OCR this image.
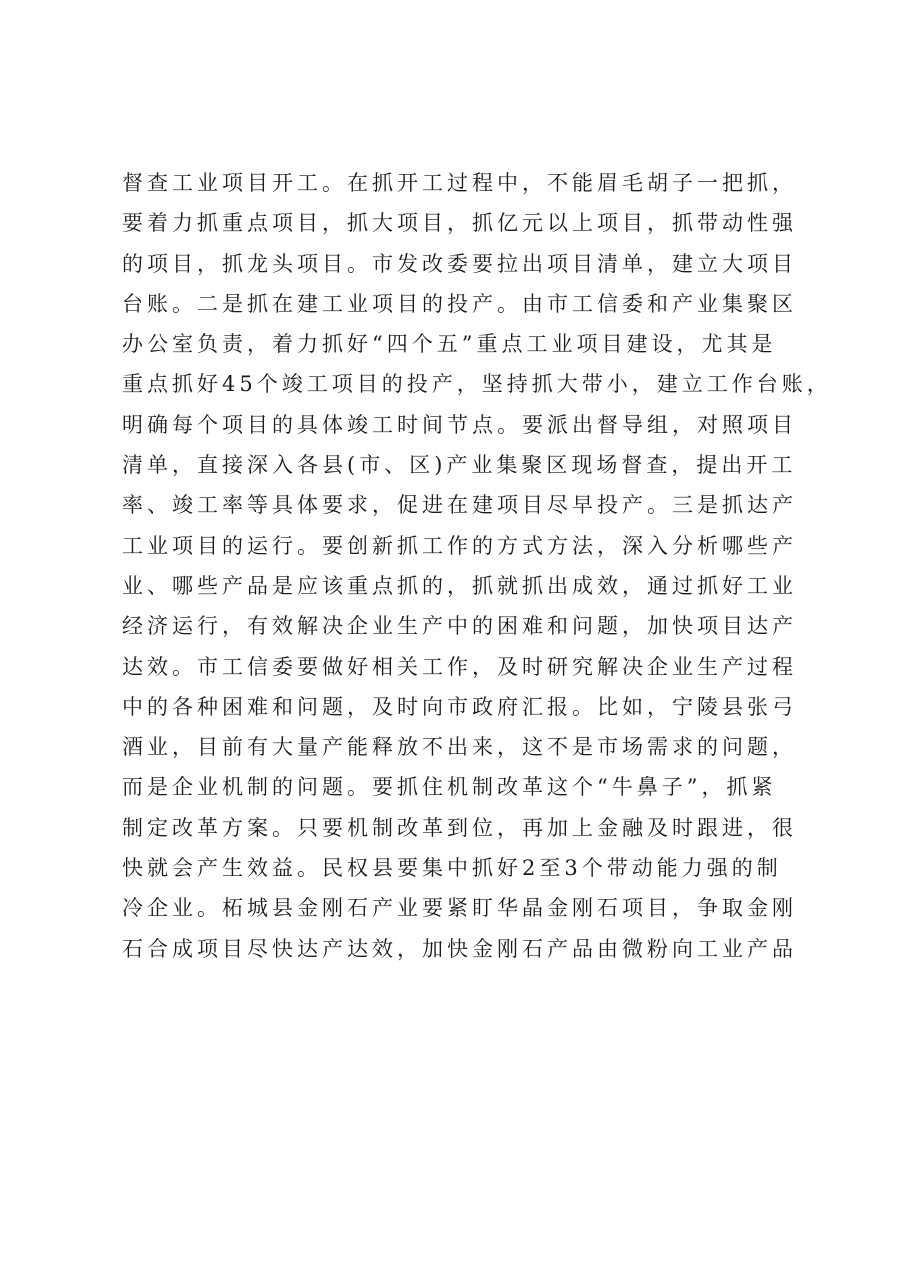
督查工业项目开工。在抓开工过程中，不能眉毛胡子一把抓，
要着力抓重点项目，抓大项目，抓亿元以上项目，抓带动性强
的项目，抓龙头项目。市发改委要拉出项目清单，建立大项目
台账。二是抓在建工业项目的投产。由市工信委和产业集聚区
办公室负责，着力抓好“四个五”重点工业项目建设，尤其是
重点抓好45个竣工项目的投产，坚持抓大带小，建立工作台账，
明确每个项目的具体竣工时间节点。要派出督导组，对照项目
清单，直接深入各县(市、区)产业集聚区现场督查，提出开工
率、竣工率等具体要求，促进在建项目尽早投产。三是抓达产
工业项目的运行。要创新抓工作的方式方法，深入分析哪些产
业、哪些产品是应该重点抓的，抓就抓出成效，通过抓好工业
经济运行，有效解决企业生产中的困难和问题，加快项目达产
达效。市工信委要做好相关工作，及时研究解决企业生产过程
中的各种困难和问题，及时向市政府汇报。比如，宁陵县张弓
酒业，目前有大量产能释放不出来，这不是市场需求的问题，
而是企业机制的问题。要抓住机制改革这个“牛鼻子”，抓紧
制定改革方案。只要机制改革到位，再加上金融及时跟进，很
快就会产生效益。民权县要集中抓好2至3个带动能力强的制
冷企业。柘城县金刚石产业要紧盯华晶金刚石项目，争取金刚
石合成项目尽快达产达效，加快金刚石产品由微粉向工业产品
